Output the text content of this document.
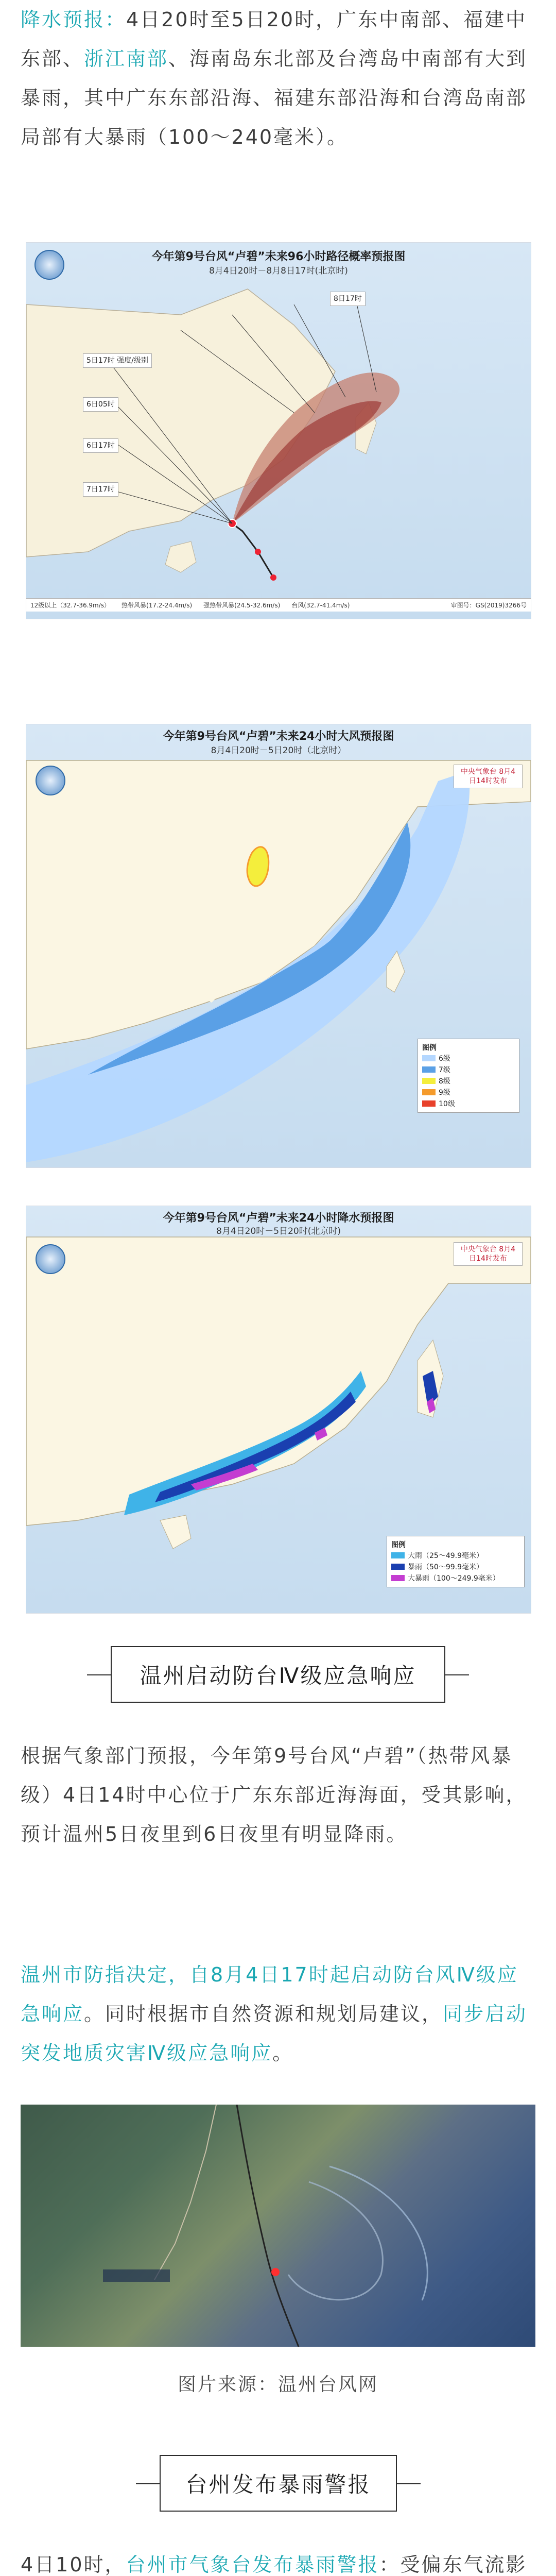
降水预报：4日20时至5日20时，广东中南部、福建中东部、浙江南部、海南岛东北部及台湾岛中南部有大到暴雨，其中广东东部沿海、福建东部沿海和台湾岛南部局部有大暴雨（100～240毫米）。
今年第9号台风“卢碧”未来96小时路径概率预报图
8月4日20时－8月8日17时(北京时)
5日17时 强度/级别
6日05时
6日17时
7日17时
8日17时
12级以上（32.7-36.9m/s） 热带风暴(17.2-24.4m/s) 强热带风暴(24.5-32.6m/s) 台风(32.7-41.4m/s)	审图号：GS(2019)3266号
今年第9号台风“卢碧”未来24小时大风预报图
8月4日20时－5日20时（北京时）
中央气象台 8月4日14时发布
图例
6级
7级
8级
9级
10级
今年第9号台风“卢碧”未来24小时降水预报图
8月4日20时－5日20时(北京时)
中央气象台 8月4日14时发布
图例
大雨（25～49.9毫米）
暴雨（50～99.9毫米）
大暴雨（100～249.9毫米）
温州启动防台Ⅳ级应急响应
根据气象部门预报，今年第9号台风“卢碧”（热带风暴级）4日14时中心位于广东东部近海海面，受其影响，预计温州5日夜里到6日夜里有明显降雨。
温州市防指决定，自8月4日17时起启动防台风Ⅳ级应急响应。同时根据市自然资源和规划局建议，同步启动突发地质灾害Ⅳ级应急响应。
图片来源：温州台风网
台州发布暴雨警报
4日10时，台州市气象台发布暴雨警报：受偏东气流影
